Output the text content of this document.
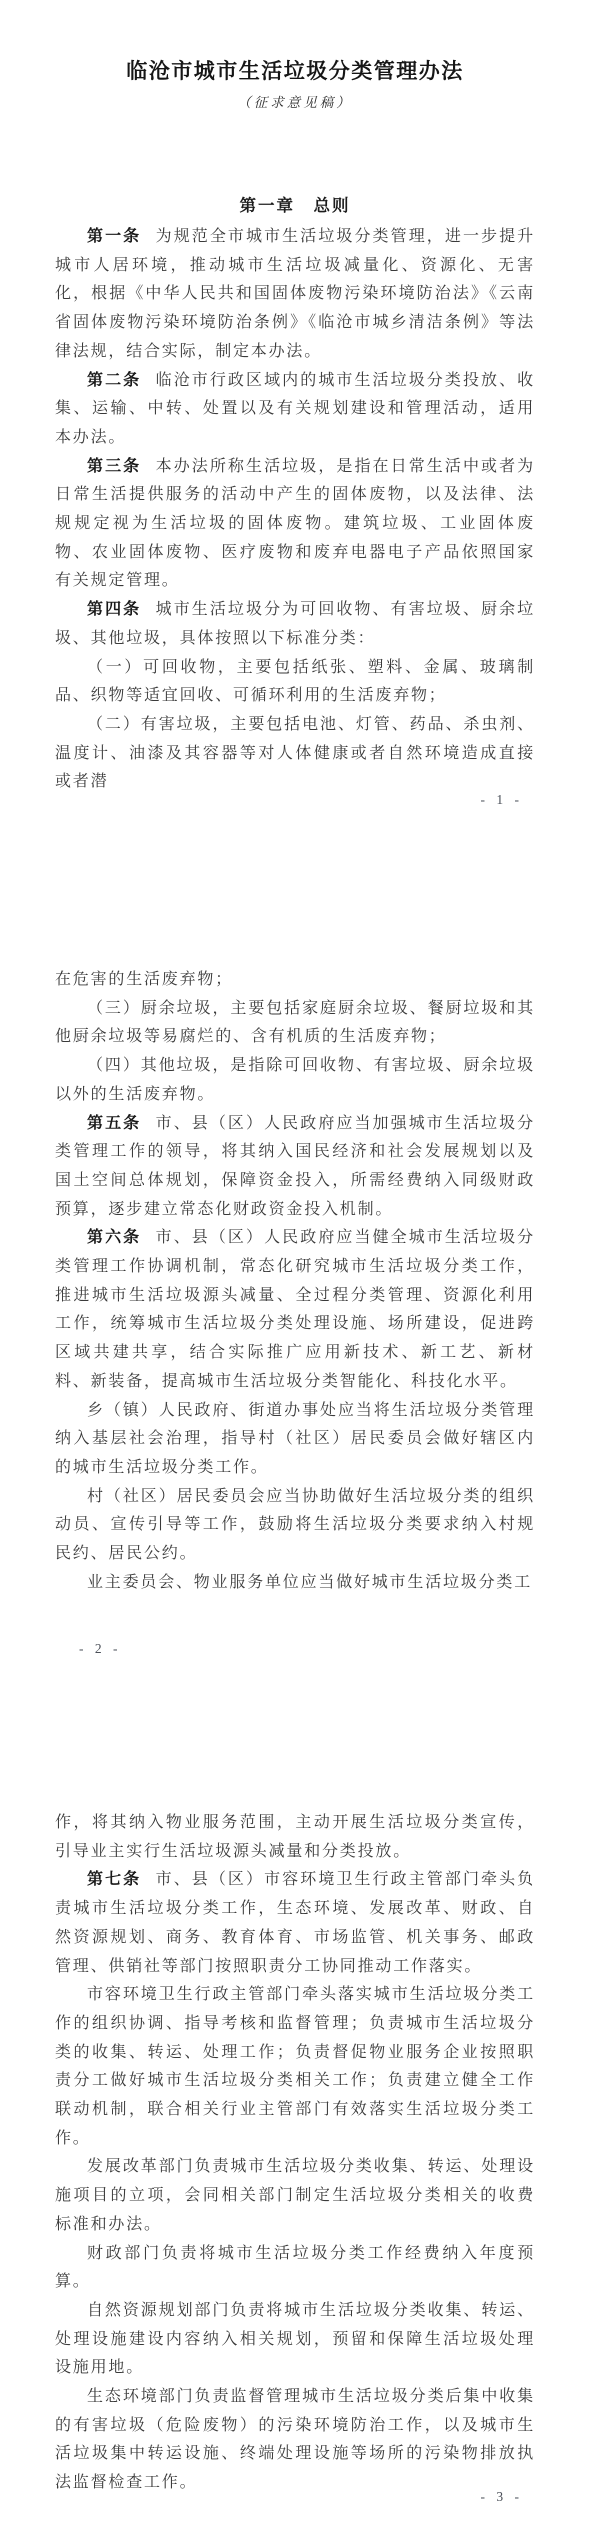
临沧市城市生活垃圾分类管理办法
（征求意见稿）
第一章　总则

第一条 为规范全市城市生活垃圾分类管理，进一步提升城市人居环境，推动城市生活垃圾减量化、资源化、无害化，根据《中华人民共和国固体废物污染环境防治法》《云南省固体废物污染环境防治条例》《临沧市城乡清洁条例》等法律法规，结合实际，制定本办法。

第二条 临沧市行政区域内的城市生活垃圾分类投放、收集、运输、中转、处置以及有关规划建设和管理活动，适用本办法。

第三条 本办法所称生活垃圾，是指在日常生活中或者为日常生活提供服务的活动中产生的固体废物，以及法律、法规规定视为生活垃圾的固体废物。建筑垃圾、工业固体废物、农业固体废物、医疗废物和废弃电器电子产品依照国家有关规定管理。

第四条 城市生活垃圾分为可回收物、有害垃圾、厨余垃圾、其他垃圾，具体按照以下标准分类：

（一）可回收物，主要包括纸张、塑料、金属、玻璃制品、织物等适宜回收、可循环利用的生活废弃物；

（二）有害垃圾，主要包括电池、灯管、药品、杀虫剂、温度计、油漆及其容器等对人体健康或者自然环境造成直接或者潜

- 1 -

在危害的生活废弃物；

（三）厨余垃圾，主要包括家庭厨余垃圾、餐厨垃圾和其他厨余垃圾等易腐烂的、含有机质的生活废弃物；

（四）其他垃圾，是指除可回收物、有害垃圾、厨余垃圾以外的生活废弃物。

第五条 市、县（区）人民政府应当加强城市生活垃圾分类管理工作的领导，将其纳入国民经济和社会发展规划以及国土空间总体规划，保障资金投入，所需经费纳入同级财政预算，逐步建立常态化财政资金投入机制。

第六条 市、县（区）人民政府应当健全城市生活垃圾分类管理工作协调机制，常态化研究城市生活垃圾分类工作，推进城市生活垃圾源头减量、全过程分类管理、资源化利用工作，统筹城市生活垃圾分类处理设施、场所建设，促进跨区域共建共享，结合实际推广应用新技术、新工艺、新材料、新装备，提高城市生活垃圾分类智能化、科技化水平。

乡（镇）人民政府、街道办事处应当将生活垃圾分类管理纳入基层社会治理，指导村（社区）居民委员会做好辖区内的城市生活垃圾分类工作。

村（社区）居民委员会应当协助做好生活垃圾分类的组织动员、宣传引导等工作，鼓励将生活垃圾分类要求纳入村规民约、居民公约。

业主委员会、物业服务单位应当做好城市生活垃圾分类工

- 2 -

作，将其纳入物业服务范围，主动开展生活垃圾分类宣传，引导业主实行生活垃圾源头减量和分类投放。

第七条 市、县（区）市容环境卫生行政主管部门牵头负责城市生活垃圾分类工作，生态环境、发展改革、财政、自然资源规划、商务、教育体育、市场监管、机关事务、邮政管理、供销社等部门按照职责分工协同推动工作落实。

市容环境卫生行政主管部门牵头落实城市生活垃圾分类工作的组织协调、指导考核和监督管理；负责城市生活垃圾分类的收集、转运、处理工作；负责督促物业服务企业按照职责分工做好城市生活垃圾分类相关工作；负责建立健全工作联动机制，联合相关行业主管部门有效落实生活垃圾分类工作。

发展改革部门负责城市生活垃圾分类收集、转运、处理设施项目的立项，会同相关部门制定生活垃圾分类相关的收费标准和办法。

财政部门负责将城市生活垃圾分类工作经费纳入年度预算。

自然资源规划部门负责将城市生活垃圾分类收集、转运、处理设施建设内容纳入相关规划，预留和保障生活垃圾处理设施用地。

生态环境部门负责监督管理城市生活垃圾分类后集中收集的有害垃圾（危险废物）的污染环境防治工作，以及城市生活垃圾集中转运设施、终端处理设施等场所的污染物排放执法监督检查工作。

- 3 -
